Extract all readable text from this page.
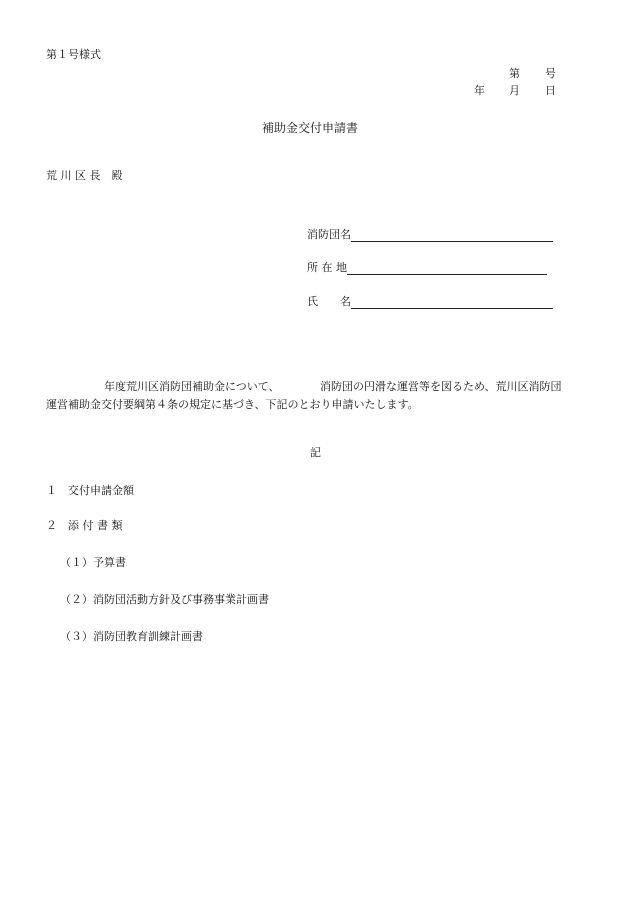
第１号様式
第 号
年 月 日
補助金交付申請書
荒 川 区 長　殿
消防団名
所 在 地
氏　　名
年度荒川区消防団補助金について、	消防団の円滑な運営等を図るため、荒川区消防団
運営補助金交付要綱第４条の規定に基づき、下記のとおり申請いたします。
記
１　交付申請金額
２　添 付 書 類
（１）予算書
（２）消防団活動方針及び事務事業計画書
（３）消防団教育訓練計画書
